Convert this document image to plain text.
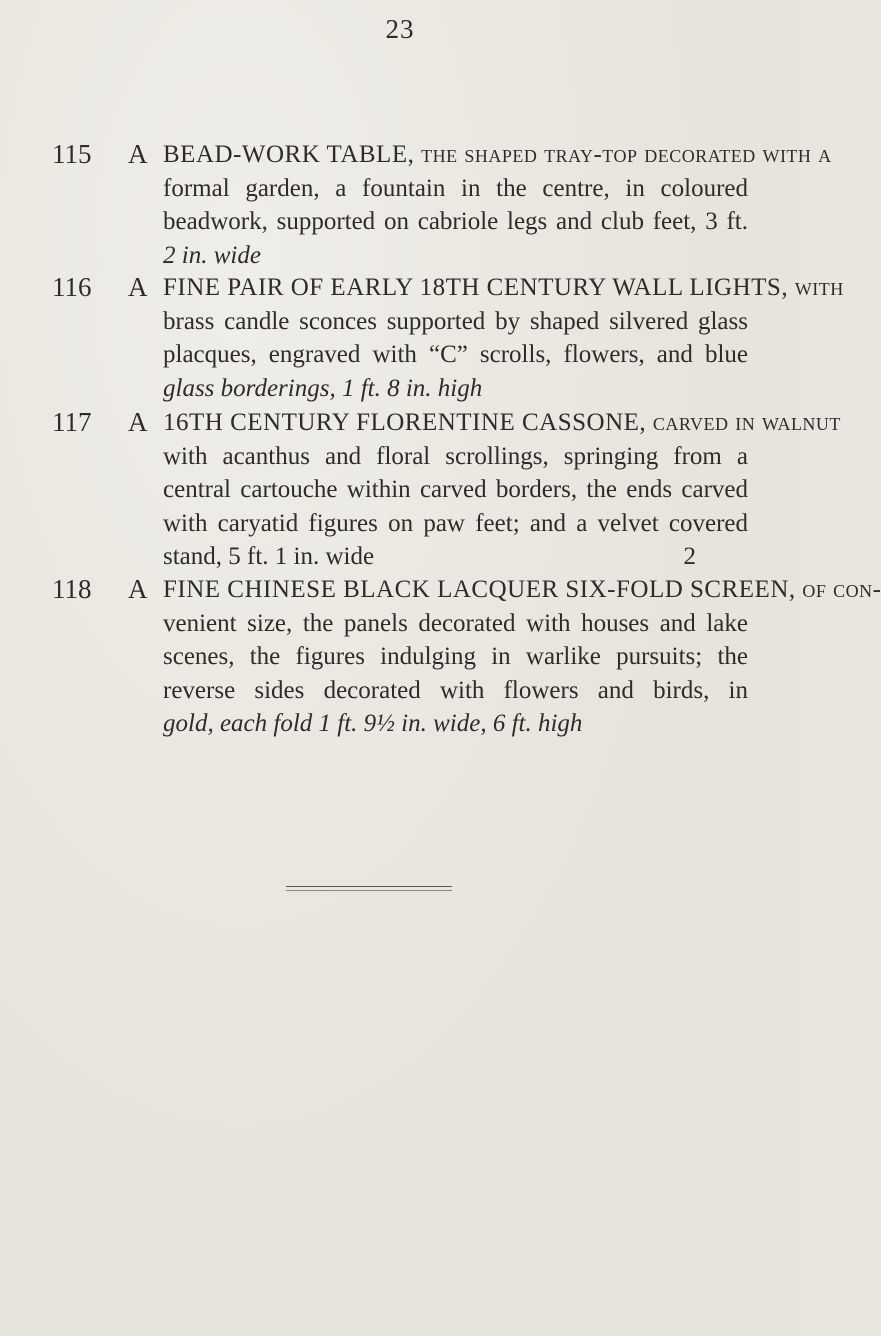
23
115 A BEAD-WORK TABLE, the shaped tray-top decorated with a
formal garden, a fountain in the centre, in coloured
beadwork, supported on cabriole legs and club feet, 3 ft.
2 in. wide
116 A FINE PAIR OF EARLY 18TH CENTURY WALL LIGHTS, with
brass candle sconces supported by shaped silvered glass
placques, engraved with “C” scrolls, flowers, and blue
glass borderings, 1 ft. 8 in. high
117 A 16TH CENTURY FLORENTINE CASSONE, carved in walnut
with acanthus and floral scrollings, springing from a
central cartouche within carved borders, the ends carved
with caryatid figures on paw feet; and a velvet covered
stand, 5 ft. 1 in. wide	2
118 A FINE CHINESE BLACK LACQUER SIX-FOLD SCREEN, of con-
venient size, the panels decorated with houses and lake
scenes, the figures indulging in warlike pursuits; the
reverse sides decorated with flowers and birds, in
gold, each fold 1 ft. 9½ in. wide, 6 ft. high
